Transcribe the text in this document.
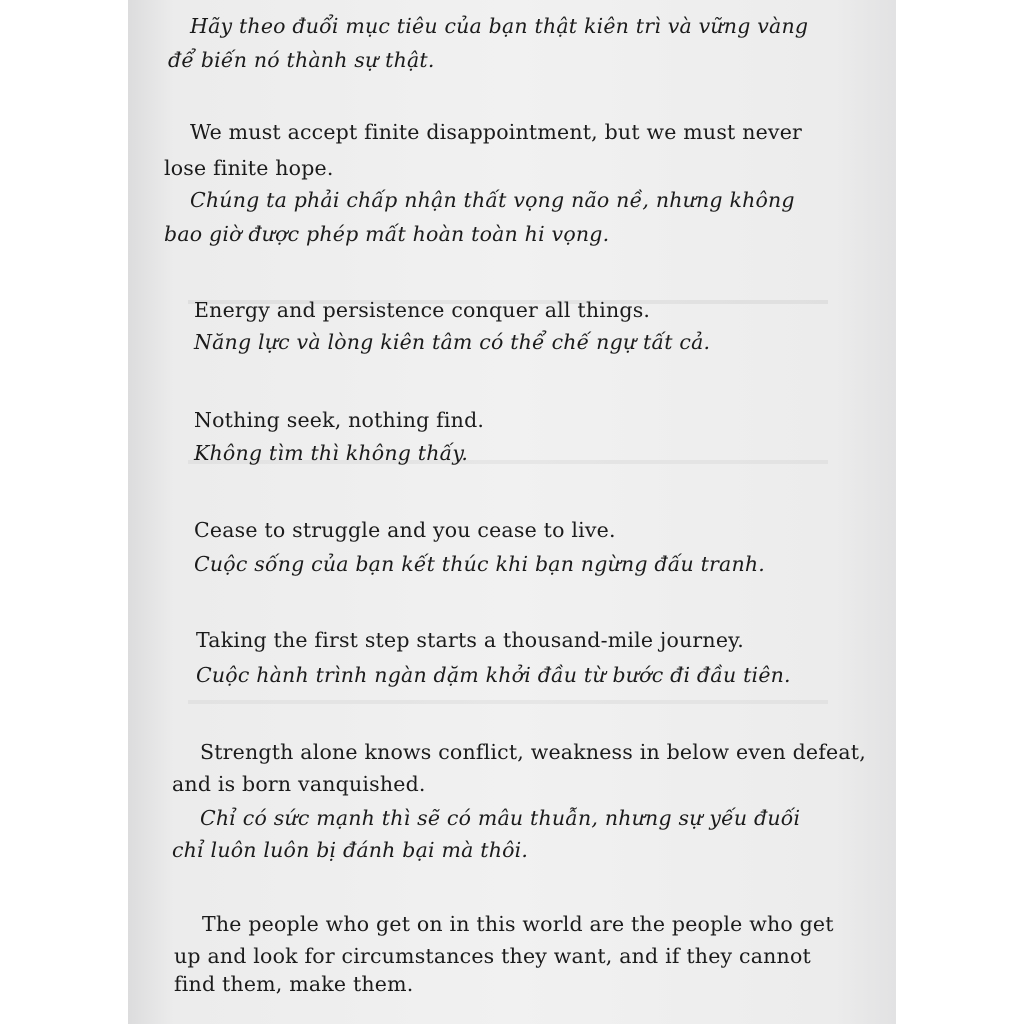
Hãy theo đuổi mục tiêu của bạn thật kiên trì và vững vàng
để biến nó thành sự thật.
We must accept finite disappointment, but we must never
lose finite hope.
Chúng ta phải chấp nhận thất vọng não nề, nhưng không
bao giờ được phép mất hoàn toàn hi vọng.
Energy and persistence conquer all things.
Năng lực và lòng kiên tâm có thể chế ngự tất cả.
Nothing seek, nothing find.
Không tìm thì không thấy.
Cease to struggle and you cease to live.
Cuộc sống của bạn kết thúc khi bạn ngừng đấu tranh.
Taking the first step starts a thousand-mile journey.
Cuộc hành trình ngàn dặm khởi đầu từ bước đi đầu tiên.
Strength alone knows conflict, weakness in below even defeat,
and is born vanquished.
Chỉ có sức mạnh thì sẽ có mâu thuẫn, nhưng sự yếu đuối
chỉ luôn luôn bị đánh bại mà thôi.
The people who get on in this world are the people who get
up and look for circumstances they want, and if they cannot
find them, make them.
